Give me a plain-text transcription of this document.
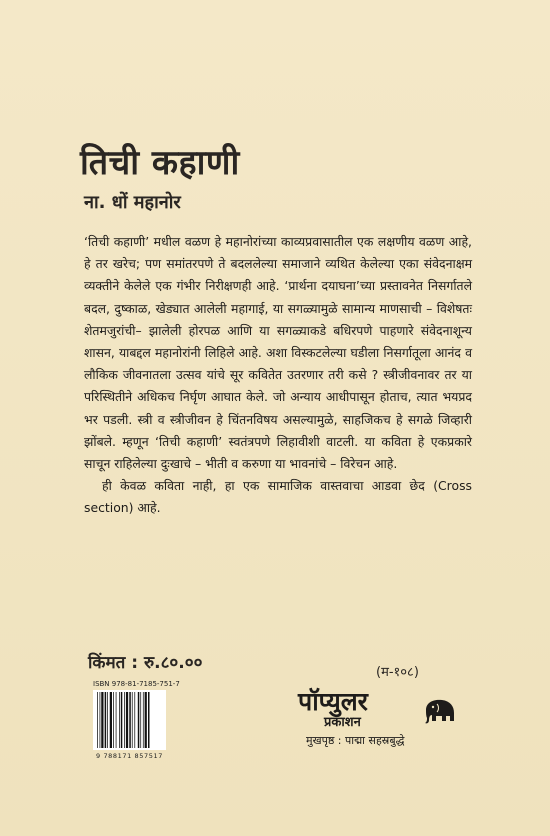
तिची कहाणी
ना. धों महानोर

‘तिची कहाणी’ मधील वळण हे महानोरांच्या काव्यप्रवासातील एक लक्षणीय वळण आहे, हे तर खरेच; पण समांतरपणे ते बदललेल्या समाजाने व्यथित केलेल्या एका संवेदनाक्षम व्यक्तीने केलेले एक गंभीर निरीक्षणही आहे. ‘प्रार्थना दयाघना’च्या प्रस्तावनेत निसर्गातले बदल, दुष्काळ, खेड्यात आलेली महागाई, या सगळ्यामुळे सामान्य माणसाची – विशेषतः शेतमजुरांची– झालेली होरपळ आणि या सगळ्याकडे बधिरपणे पाहणारे संवेदनाशून्य शासन, याबद्दल महानोरांनी लिहिले आहे. अशा विस्कटलेल्या घडीला निसर्गातूला आनंद व लौकिक जीवनातला उत्सव यांचे सूर कवितेत उतरणार तरी कसे ? स्त्रीजीवनावर तर या परिस्थितीने अधिकच निर्घृण आघात केले. जो अन्याय आधीपासून होताच, त्यात भयप्रद भर पडली. स्त्री व स्त्रीजीवन हे चिंतनविषय असल्यामुळे, साहजिकच हे सगळे जिव्हारी झोंबले. म्हणून ‘तिची कहाणी’ स्वतंत्रपणे लिहावीशी वाटली. या कविता हे एकप्रकारे साचून राहिलेल्या दुःखाचे – भीती व करुणा या भावनांचे – विरेचन आहे.

ही केवळ कविता नाही, हा एक सामाजिक वास्तवाचा आडवा छेद (Cross section) आहे.

किंमत : रु.८०.००	(म-१०८)
ISBN 978-81-7185-751-7
9 788171 857517
पॉप्युलर
प्रकाशन
मुखपृष्ठ : पाद्मा सहस्रबुद्धे
